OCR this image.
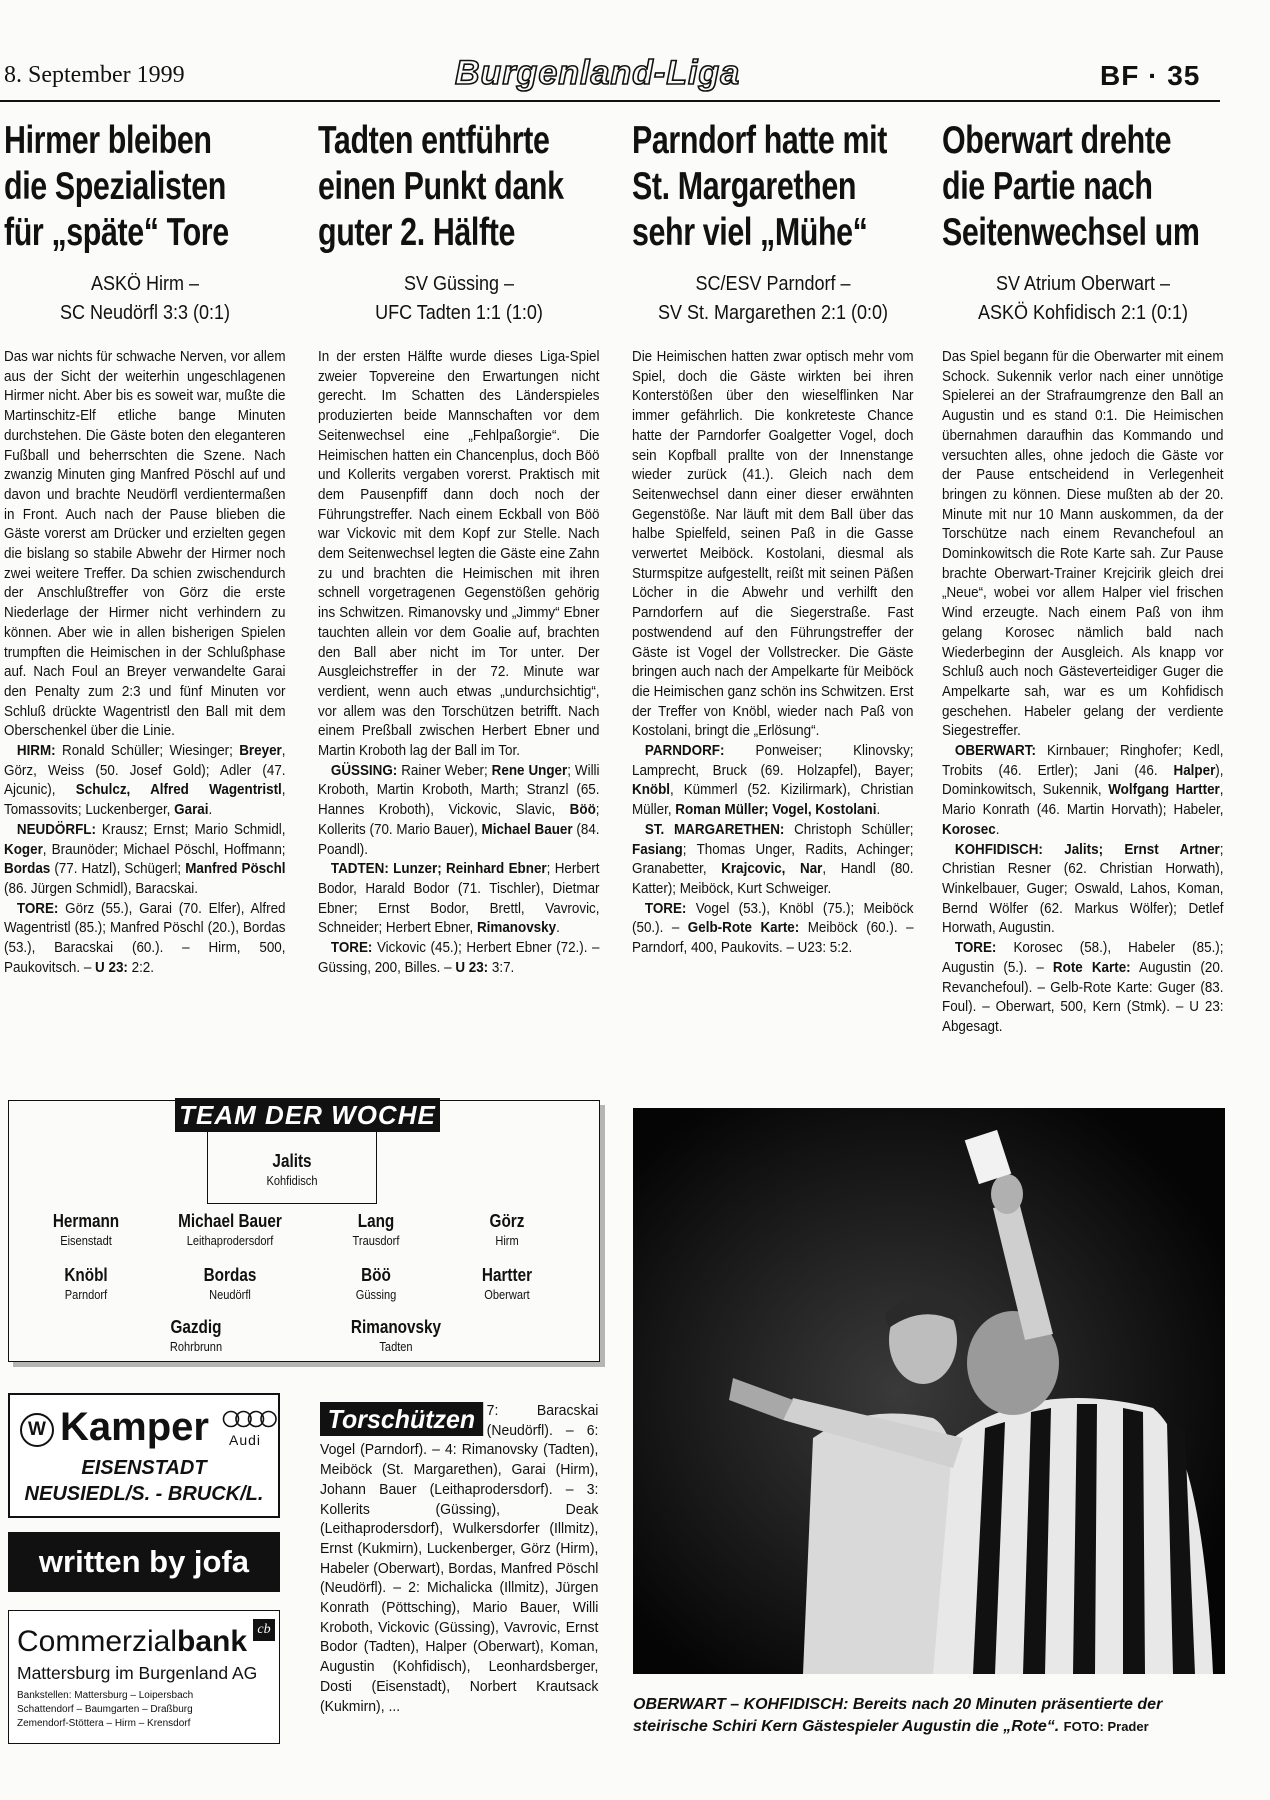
8. September 1999	Burgenland-Liga	BF · 35
Hirmer bleiben
die Spezialisten
für „späte“ Tore
ASKÖ Hirm –
SC Neudörfl 3:3 (0:1)

Das war nichts für schwache Nerven, vor allem aus der Sicht der weiterhin ungeschlagenen Hirmer nicht. Aber bis es soweit war, mußte die Martinschitz-Elf etliche bange Minuten durchstehen. Die Gäste boten den eleganteren Fußball und beherrschten die Szene. Nach zwanzig Minuten ging Manfred Pöschl auf und davon und brachte Neudörfl verdientermaßen in Front. Auch nach der Pause blieben die Gäste vorerst am Drücker und erzielten gegen die bislang so stabile Abwehr der Hirmer noch zwei weitere Treffer. Da schien zwischendurch der Anschlußtreffer von Görz die erste Niederlage der Hirmer nicht verhindern zu können. Aber wie in allen bisherigen Spielen trumpften die Heimischen in der Schlußphase auf. Nach Foul an Breyer verwandelte Garai den Penalty zum 2:3 und fünf Minuten vor Schluß drückte Wagentristl den Ball mit dem Oberschenkel über die Linie.

HIRM: Ronald Schüller; Wiesinger; Breyer, Görz, Weiss (50. Josef Gold); Adler (47. Ajcunic), Schulcz, Alfred Wagentristl, Tomassovits; Luckenberger, Garai.

NEUDÖRFL: Krausz; Ernst; Mario Schmidl, Koger, Braunöder; Michael Pöschl, Hoffmann; Bordas (77. Hatzl), Schügerl; Manfred Pöschl (86. Jürgen Schmidl), Baracskai.

TORE: Görz (55.), Garai (70. Elfer), Alfred Wagentristl (85.); Manfred Pöschl (20.), Bordas (53.), Baracskai (60.). – Hirm, 500, Paukovitsch. – U 23: 2:2.

Tadten entführte
einen Punkt dank
guter 2. Hälfte
SV Güssing –
UFC Tadten 1:1 (1:0)

In der ersten Hälfte wurde dieses Liga-Spiel zweier Topvereine den Erwartungen nicht gerecht. Im Schatten des Länderspieles produzierten beide Mannschaften vor dem Seitenwechsel eine „Fehlpaßorgie“. Die Heimischen hatten ein Chancenplus, doch Böö und Kollerits vergaben vorerst. Praktisch mit dem Pausenpfiff dann doch noch der Führungstreffer. Nach einem Eckball von Böö war Vickovic mit dem Kopf zur Stelle. Nach dem Seitenwechsel legten die Gäste eine Zahn zu und brachten die Heimischen mit ihren schnell vorgetragenen Gegenstößen gehörig ins Schwitzen. Rimanovsky und „Jimmy“ Ebner tauchten allein vor dem Goalie auf, brachten den Ball aber nicht im Tor unter. Der Ausgleichstreffer in der 72. Minute war verdient, wenn auch etwas „undurchsichtig“, vor allem was den Torschützen betrifft. Nach einem Preßball zwischen Herbert Ebner und Martin Kroboth lag der Ball im Tor.

GÜSSING: Rainer Weber; Rene Unger; Willi Kroboth, Martin Kroboth, Marth; Stranzl (65. Hannes Kroboth), Vickovic, Slavic, Böö; Kollerits (70. Mario Bauer), Michael Bauer (84. Poandl).

TADTEN: Lunzer; Reinhard Ebner; Herbert Bodor, Harald Bodor (71. Tischler), Dietmar Ebner; Ernst Bodor, Brettl, Vavrovic, Schneider; Herbert Ebner, Rimanovsky.

TORE: Vickovic (45.); Herbert Ebner (72.). – Güssing, 200, Billes. – U 23: 3:7.

Parndorf hatte mit
St. Margarethen
sehr viel „Mühe“
SC/ESV Parndorf –
SV St. Margarethen 2:1 (0:0)

Die Heimischen hatten zwar optisch mehr vom Spiel, doch die Gäste wirkten bei ihren Konterstößen über den wieselflinken Nar immer gefährlich. Die konkreteste Chance hatte der Parndorfer Goalgetter Vogel, doch sein Kopfball prallte von der Innenstange wieder zurück (41.). Gleich nach dem Seitenwechsel dann einer dieser erwähnten Gegenstöße. Nar läuft mit dem Ball über das halbe Spielfeld, seinen Paß in die Gasse verwertet Meiböck. Kostolani, diesmal als Sturmspitze aufgestellt, reißt mit seinen Päßen Löcher in die Abwehr und verhilft den Parndorfern auf die Siegerstraße. Fast postwendend auf den Führungstreffer der Gäste ist Vogel der Vollstrecker. Die Gäste bringen auch nach der Ampelkarte für Meiböck die Heimischen ganz schön ins Schwitzen. Erst der Treffer von Knöbl, wieder nach Paß von Kostolani, bringt die „Erlösung“.

PARNDORF: Ponweiser; Klinovsky; Lamprecht, Bruck (69. Holzapfel), Bayer; Knöbl, Kümmerl (52. Kizilirmark), Christian Müller, Roman Müller; Vogel, Kostolani.

ST. MARGARETHEN: Christoph Schüller; Fasiang; Thomas Unger, Radits, Achinger; Granabetter, Krajcovic, Nar, Handl (80. Katter); Meiböck, Kurt Schweiger.

TORE: Vogel (53.), Knöbl (75.); Meiböck (50.). – Gelb-Rote Karte: Meiböck (60.). – Parndorf, 400, Paukovits. – U23: 5:2.

Oberwart drehte
die Partie nach
Seitenwechsel um
SV Atrium Oberwart –
ASKÖ Kohfidisch 2:1 (0:1)

Das Spiel begann für die Oberwarter mit einem Schock. Sukennik verlor nach einer unnötige Spielerei an der Strafraumgrenze den Ball an Augustin und es stand 0:1. Die Heimischen übernahmen daraufhin das Kommando und versuchten alles, ohne jedoch die Gäste vor der Pause entscheidend in Verlegenheit bringen zu können. Diese mußten ab der 20. Minute mit nur 10 Mann auskommen, da der Torschütze nach einem Revanchefoul an Dominkowitsch die Rote Karte sah. Zur Pause brachte Oberwart-Trainer Krejcirik gleich drei „Neue“, wobei vor allem Halper viel frischen Wind erzeugte. Nach einem Paß von ihm gelang Korosec nämlich bald nach Wiederbeginn der Ausgleich. Als knapp vor Schluß auch noch Gästeverteidiger Guger die Ampelkarte sah, war es um Kohfidisch geschehen. Habeler gelang der verdiente Siegestreffer.

OBERWART: Kirnbauer; Ringhofer; Kedl, Trobits (46. Ertler); Jani (46. Halper), Dominkowitsch, Sukennik, Wolfgang Hartter, Mario Konrath (46. Martin Horvath); Habeler, Korosec.

KOHFIDISCH: Jalits; Ernst Artner; Christian Resner (62. Christian Horwath), Winkelbauer, Guger; Oswald, Lahos, Koman, Bernd Wölfer (62. Markus Wölfer); Detlef Horwath, Augustin.

TORE: Korosec (58.), Habeler (85.); Augustin (5.). – Rote Karte: Augustin (20. Revanchefoul). – Gelb-Rote Karte: Guger (83. Foul). – Oberwart, 500, Kern (Stmk). – U 23: Abgesagt.

TEAM DER WOCHE
Jalits
Kohfidisch
Hermann
Eisenstadt
Michael Bauer
Leithaprodersdorf
Lang
Trausdorf
Görz
Hirm
Knöbl
Parndorf
Bordas
Neudörfl
Böö
Güssing
Hartter
Oberwart
Gazdig
Rohrbrunn
Rimanovsky
Tadten
W Kamper Audi
EISENSTADT
NEUSIEDL/S. - BRUCK/L.
written by jofa
Commerzialbank cb
Mattersburg im Burgenland AG
Bankstellen: Mattersburg – Loipersbach
Schattendorf – Baumgarten – Draßburg
Zemendorf-Stöttera – Hirm – Krensdorf
Torschützen 7: Baracskai (Neudörfl). – 6: Vogel (Parndorf). – 4: Rimanovsky (Tadten), Meiböck (St. Margarethen), Garai (Hirm), Johann Bauer (Leithaprodersdorf). – 3: Kollerits (Güssing), Deak (Leithaprodersdorf), Wulkersdorfer (Illmitz), Ernst (Kukmirn), Luckenberger, Görz (Hirm), Habeler (Oberwart), Bordas, Manfred Pöschl (Neudörfl). – 2: Michalicka (Illmitz), Jürgen Konrath (Pöttsching), Mario Bauer, Willi Kroboth, Vickovic (Güssing), Vavrovic, Ernst Bodor (Tadten), Halper (Oberwart), Koman, Augustin (Kohfidisch), Leonhardsberger, Dosti (Eisenstadt), Norbert Krautsack (Kukmirn), ...	OBERWART – KOHFIDISCH: Bereits nach 20 Minuten präsentierte der steirische Schiri Kern Gästespieler Augustin die „Rote“. FOTO: Prader
